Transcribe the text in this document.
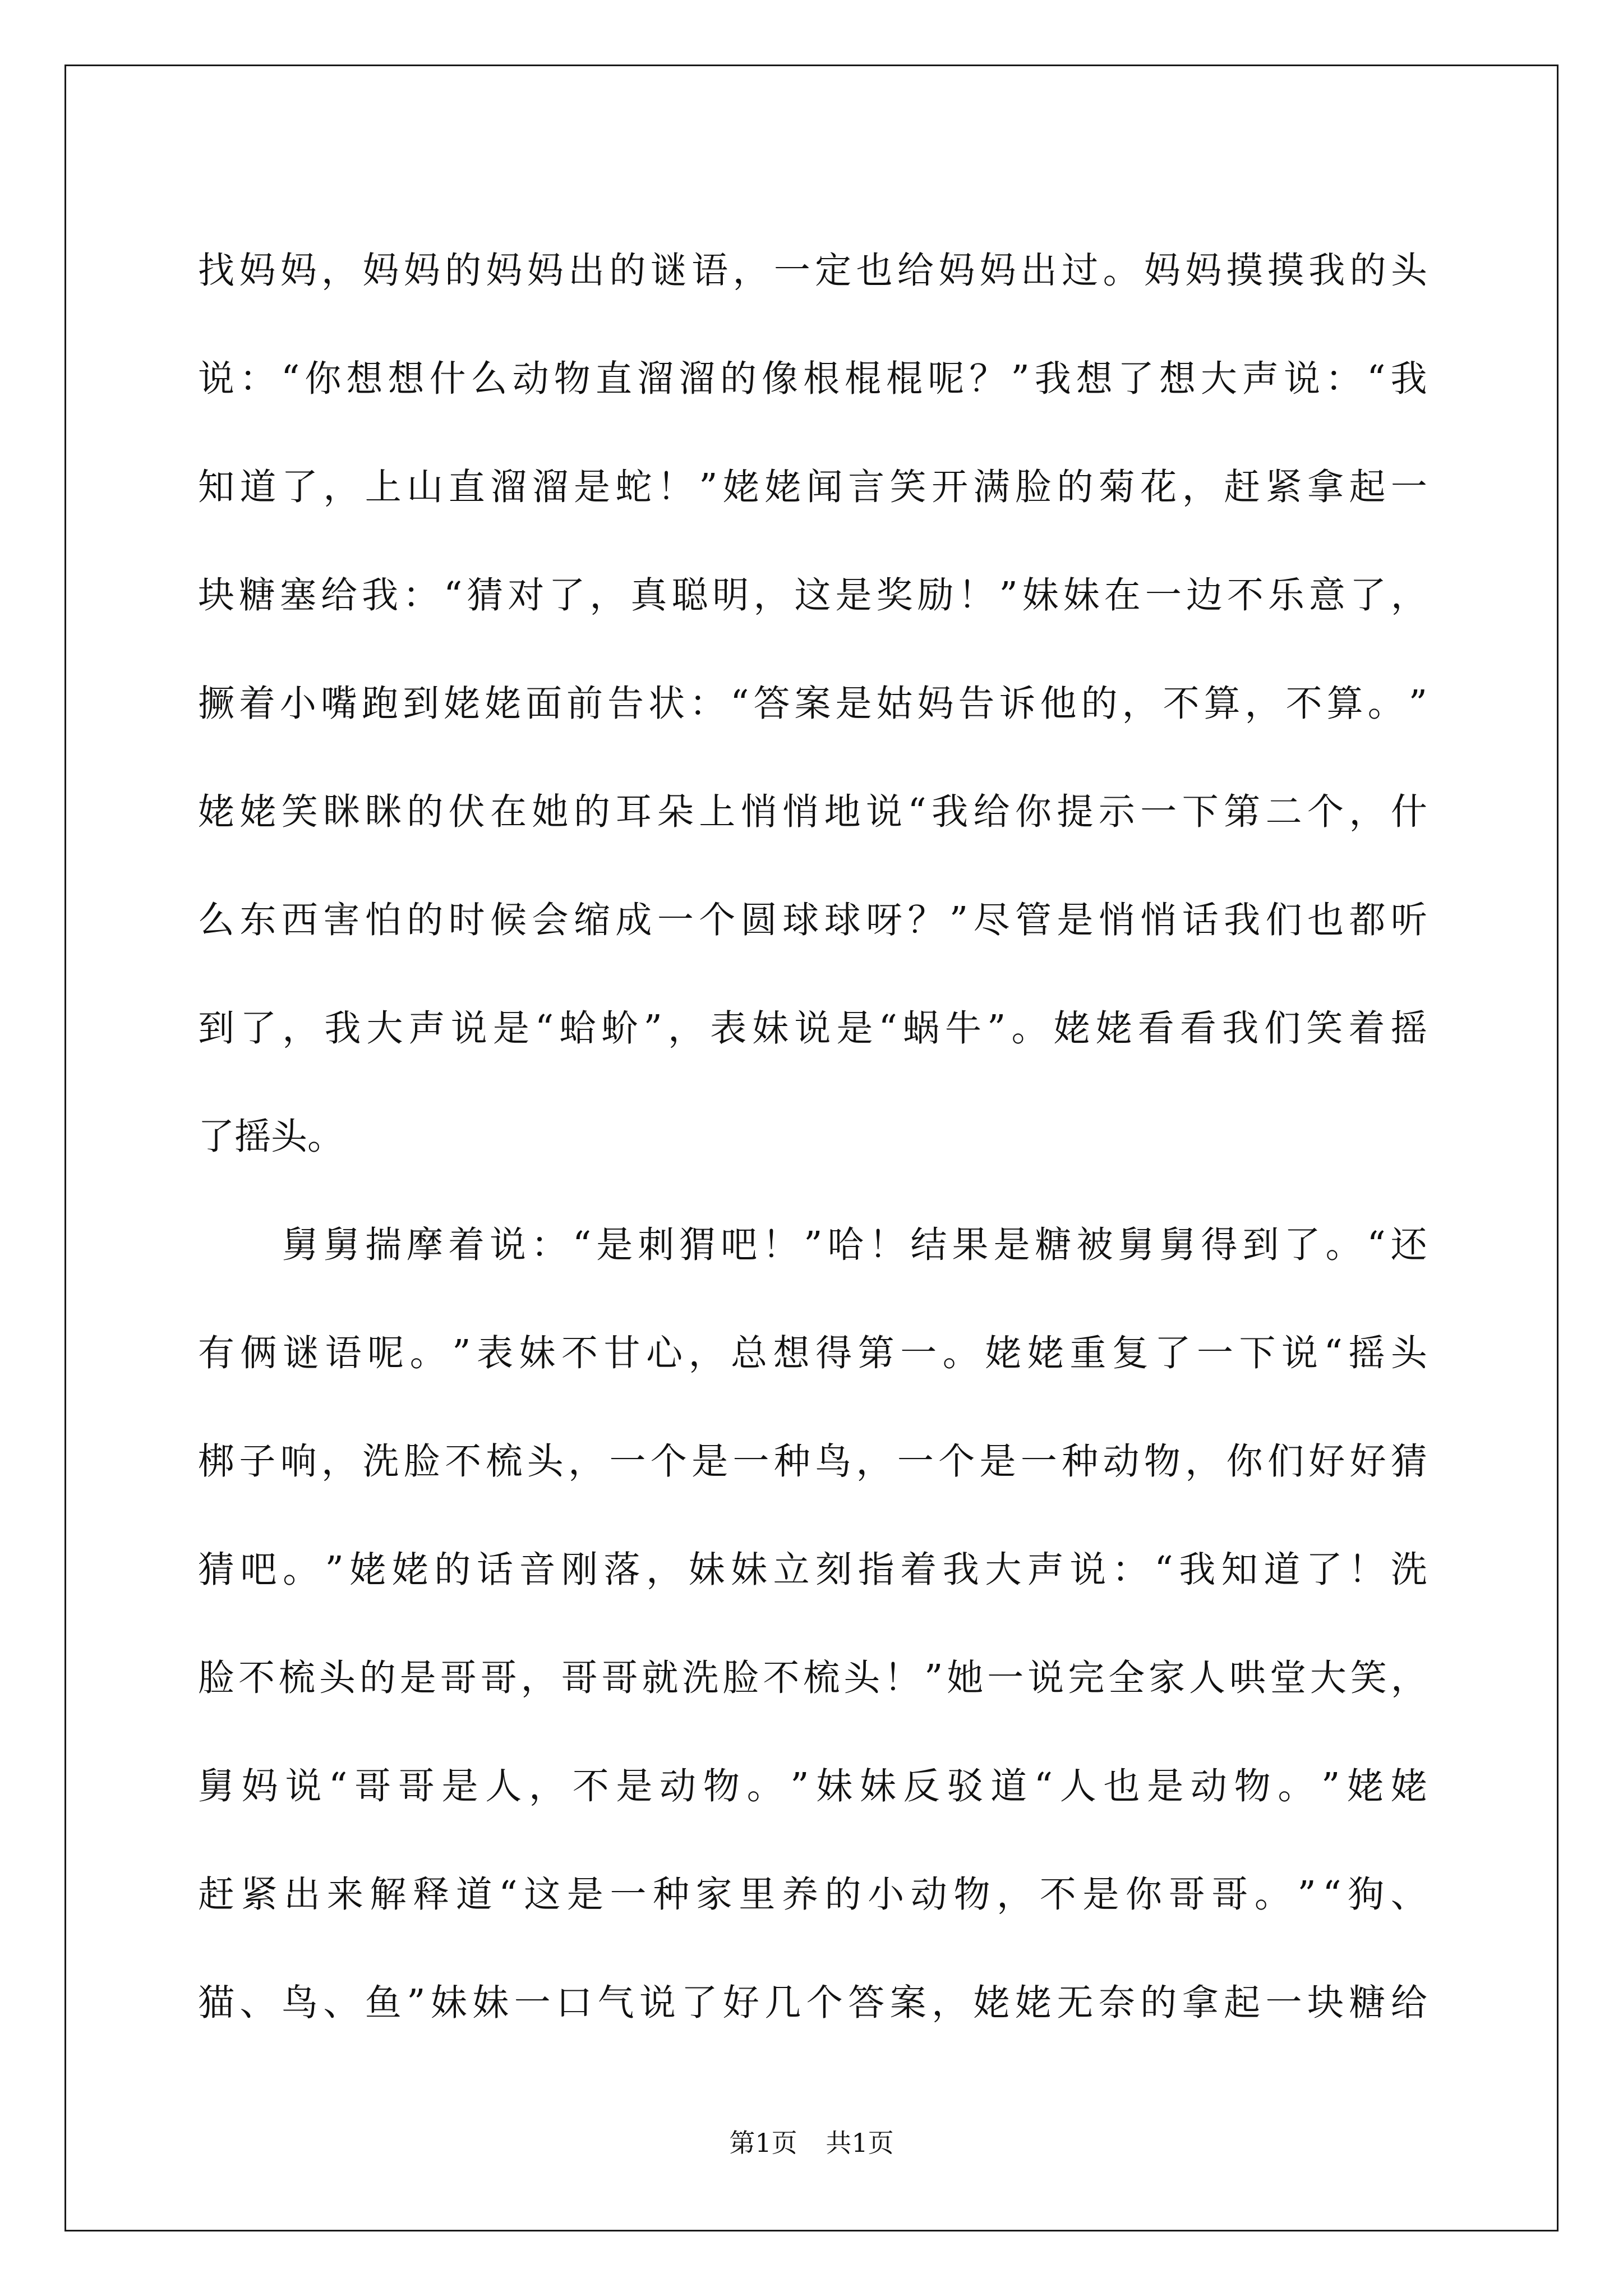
找 妈 妈 ， 妈 妈 的 妈 妈 出 的 谜 语 ， 一 定 也 给 妈 妈 出 过 。 妈 妈 摸 摸 我 的 头
说 ： “ 你 想 想 什 么 动 物 直 溜 溜 的 像 根 棍 棍 呢 ？ ” 我 想 了 想 大 声 说 ： “ 我
知 道 了 ， 上 山 直 溜 溜 是 蛇 ！ ” 姥 姥 闻 言 笑 开 满 脸 的 菊 花 ， 赶 紧 拿 起 一
块 糖 塞 给 我 ： “ 猜 对 了 ， 真 聪 明 ， 这 是 奖 励 ！ ” 妹 妹 在 一 边 不 乐 意 了 ，
撅 着 小 嘴 跑 到 姥 姥 面 前 告 状 ： “ 答 案 是 姑 妈 告 诉 他 的 ， 不 算 ， 不 算 。 ”
姥 姥 笑 眯 眯 的 伏 在 她 的 耳 朵 上 悄 悄 地 说 “ 我 给 你 提 示 一 下 第 二 个 ， 什
么 东 西 害 怕 的 时 候 会 缩 成 一 个 圆 球 球 呀 ？ ” 尽 管 是 悄 悄 话 我 们 也 都 听
到 了 ， 我 大 声 说 是 “ 蛤 蚧 ” ， 表 妹 说 是 “ 蜗 牛 ” 。 姥 姥 看 看 我 们 笑 着 摇
了摇头。
舅 舅 揣 摩 着 说 ： “ 是 刺 猬 吧 ！ ” 哈 ！ 结 果 是 糖 被 舅 舅 得 到 了 。 “ 还
有 俩 谜 语 呢 。 ” 表 妹 不 甘 心 ， 总 想 得 第 一 。 姥 姥 重 复 了 一 下 说 “ 摇 头
梆 子 响 ， 洗 脸 不 梳 头 ， 一 个 是 一 种 鸟 ， 一 个 是 一 种 动 物 ， 你 们 好 好 猜
猜 吧 。 ” 姥 姥 的 话 音 刚 落 ， 妹 妹 立 刻 指 着 我 大 声 说 ： “ 我 知 道 了 ！ 洗
脸 不 梳 头 的 是 哥 哥 ， 哥 哥 就 洗 脸 不 梳 头 ！ ” 她 一 说 完 全 家 人 哄 堂 大 笑 ，
舅 妈 说 “ 哥 哥 是 人 ， 不 是 动 物 。 ” 妹 妹 反 驳 道 “ 人 也 是 动 物 。 ” 姥 姥
赶 紧 出 来 解 释 道 “ 这 是 一 种 家 里 养 的 小 动 物 ， 不 是 你 哥 哥 。 ” “ 狗 、
猫 、 鸟 、 鱼 ” 妹 妹 一 口 气 说 了 好 几 个 答 案 ， 姥 姥 无 奈 的 拿 起 一 块 糖 给
第1页 共1页
